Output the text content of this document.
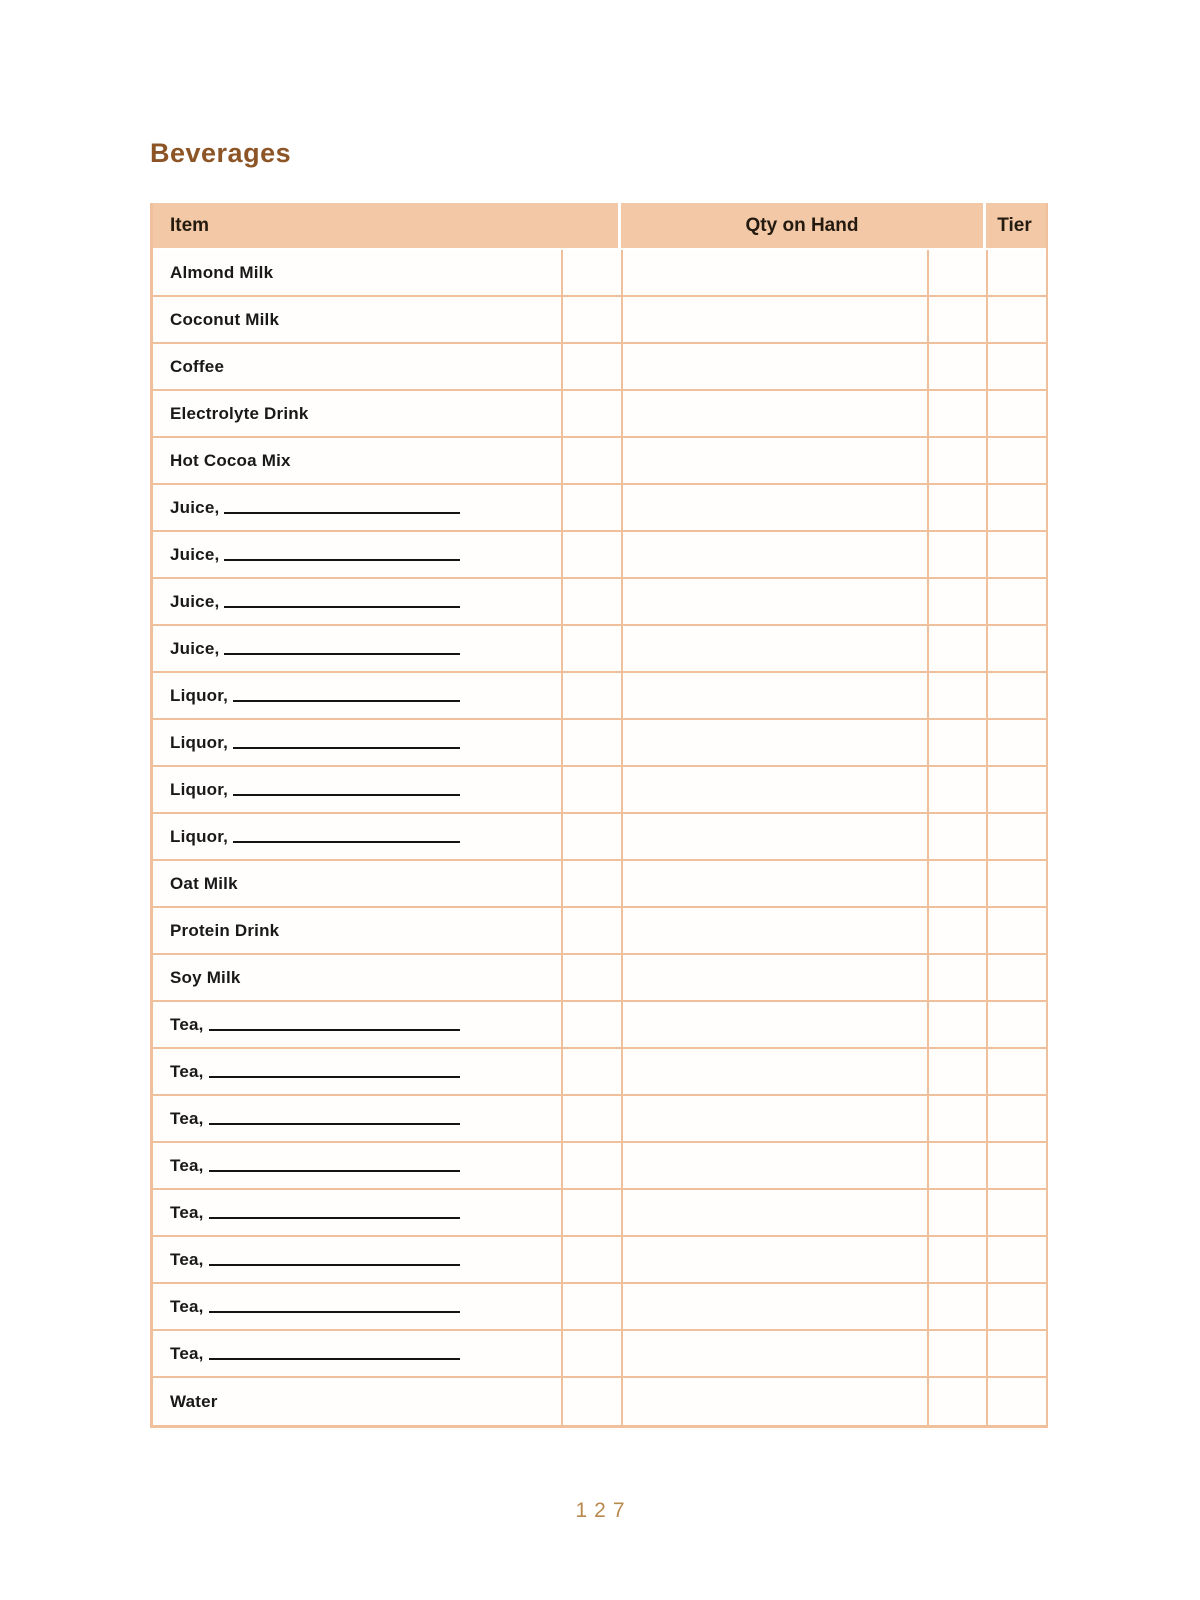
Beverages
Item	Qty on Hand	Tier
Almond Milk
Coconut Milk
Coffee
Electrolyte Drink
Hot Cocoa Mix
Juice,
Juice,
Juice,
Juice,
Liquor,
Liquor,
Liquor,
Liquor,
Oat Milk
Protein Drink
Soy Milk
Tea,
Tea,
Tea,
Tea,
Tea,
Tea,
Tea,
Tea,
Water
127
